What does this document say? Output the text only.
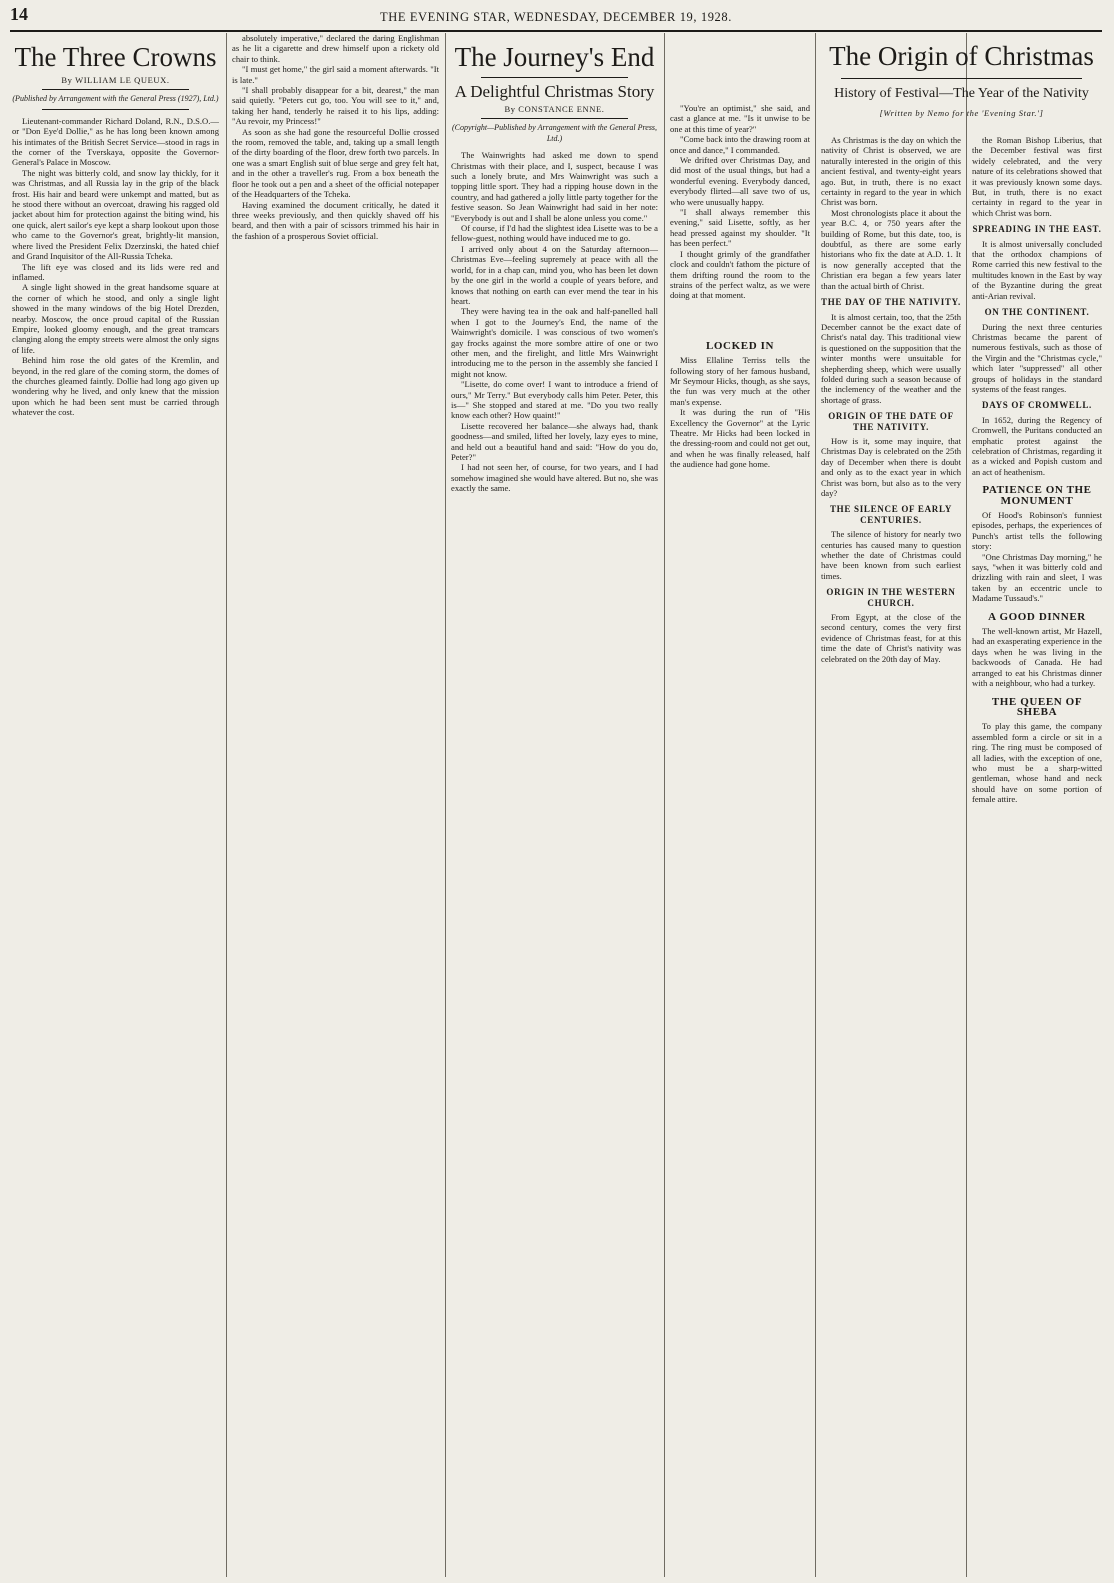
14	THE EVENING STAR, WEDNESDAY, DECEMBER 19, 1928.
The Three Crowns
By WILLIAM LE QUEUX.
(Published by Arrangement with the General Press (1927), Ltd.)

Lieutenant-commander Richard Doland, R.N., D.S.O.—or "Don Eye'd Dollie," as he has long been known among his intimates of the British Secret Service—stood in rags in the corner of the Tverskaya, opposite the Governor-General's Palace in Moscow.

The night was bitterly cold, and snow lay thickly, for it was Christmas, and all Russia lay in the grip of the black frost. His hair and beard were unkempt and matted, but as he stood there without an overcoat, drawing his ragged old jacket about him for protection against the biting wind, his one quick, alert sailor's eye kept a sharp lookout upon those who came to the Governor's great, brightly-lit mansion, where lived the President Felix Dzerzinski, the hated chief and Grand Inquisitor of the All-Russia Tcheka.

The lift eye was closed and its lids were red and inflamed.

A single light showed in the great handsome square at the corner of which he stood, and only a single light showed in the many windows of the big Hotel Drezden, nearby. Moscow, the once proud capital of the Russian Empire, looked gloomy enough, and the great tramcars clanging along the empty streets were almost the only signs of life.

Behind him rose the old gates of the Kremlin, and beyond, in the red glare of the coming storm, the domes of the churches gleamed faintly. Dollie had long ago given up wondering why he lived, and only knew that the mission upon which he had been sent must be carried through whatever the cost.

absolutely imperative," declared the daring Englishman as he lit a cigarette and drew himself upon a rickety old chair to think.

"I must get home," the girl said a moment afterwards. "It is late."

"I shall probably disappear for a bit, dearest," the man said quietly. "Peters cut go, too. You will see to it," and, taking her hand, tenderly he raised it to his lips, adding: "Au revoir, my Princess!"

As soon as she had gone the resourceful Dollie crossed the room, removed the table, and, taking up a small length of the dirty boarding of the floor, drew forth two parcels. In one was a smart English suit of blue serge and grey felt hat, and in the other a traveller's rug. From a box beneath the floor he took out a pen and a sheet of the official notepaper of the Headquarters of the Tcheka.

Having examined the document critically, he dated it three weeks previously, and then quickly shaved off his beard, and then with a pair of scissors trimmed his hair in the fashion of a prosperous Soviet official.

The Journey's End
A Delightful Christmas Story
By CONSTANCE ENNE.
(Copyright—Published by Arrangement with the General Press, Ltd.)

The Wainwrights had asked me down to spend Christmas with their place, and I, suspect, because I was such a lonely brute, and Mrs Wainwright was such a topping little sport. They had a ripping house down in the country, and had gathered a jolly little party together for the festive season. So Jean Wainwright had said in her note: "Everybody is out and I shall be alone unless you come."

Of course, if I'd had the slightest idea Lisette was to be a fellow-guest, nothing would have induced me to go.

I arrived only about 4 on the Saturday afternoon—Christmas Eve—feeling supremely at peace with all the world, for in a chap can, mind you, who has been let down by the one girl in the world a couple of years before, and knows that nothing on earth can ever mend the tear in his heart.

They were having tea in the oak and half-panelled hall when I got to the Journey's End, the name of the Wainwright's domicile. I was conscious of two women's gay frocks against the more sombre attire of one or two other men, and the firelight, and little Mrs Wainwright introducing me to the person in the assembly she fancied I might not know.

"Lisette, do come over! I want to introduce a friend of ours," Mr Terry." But everybody calls him Peter. Peter, this is—" She stopped and stared at me. "Do you two really know each other? How quaint!"

Lisette recovered her balance—she always had, thank goodness—and smiled, lifted her lovely, lazy eyes to mine, and held out a beautiful hand and said: "How do you do, Peter?"

I had not seen her, of course, for two years, and I had somehow imagined she would have altered. But no, she was exactly the same.

"You're an optimist," she said, and cast a glance at me. "Is it unwise to be one at this time of year?"

"Come back into the drawing room at once and dance," I commanded.

We drifted over Christmas Day, and did most of the usual things, but had a wonderful evening. Everybody danced, everybody flirted—all save two of us, who were unusually happy.

"I shall always remember this evening," said Lisette, softly, as her head pressed against my shoulder. "It has been perfect."

I thought grimly of the grandfather clock and couldn't fathom the picture of them drifting round the room to the strains of the perfect waltz, as we were doing at that moment.

LOCKED IN

Miss Ellaline Terriss tells the following story of her famous husband, Mr Seymour Hicks, though, as she says, the fun was very much at the other man's expense.

It was during the run of "His Excellency the Governor" at the Lyric Theatre. Mr Hicks had been locked in the dressing-room and could not get out, and when he was finally released, half the audience had gone home.

As Christmas is the day on which the nativity of Christ is observed, we are naturally interested in the origin of this ancient festival, and twenty-eight years ago. But, in truth, there is no exact certainty in regard to the year in which Christ was born.

Most chronologists place it about the year B.C. 4, or 750 years after the building of Rome, but this date, too, is doubtful, as there are some early historians who fix the date at A.D. 1. It is now generally accepted that the Christian era began a few years later than the actual birth of Christ.

THE DAY OF THE NATIVITY.

It is almost certain, too, that the 25th December cannot be the exact date of Christ's natal day. This traditional view is questioned on the supposition that the winter months were unsuitable for shepherding sheep, which were usually folded during such a season because of the inclemency of the weather and the shortage of grass.

ORIGIN OF THE DATE OF THE NATIVITY.

How is it, some may inquire, that Christmas Day is celebrated on the 25th day of December when there is doubt and only as to the exact year in which Christ was born, but also as to the very day?

THE SILENCE OF EARLY CENTURIES.

The silence of history for nearly two centuries has caused many to question whether the date of Christmas could have been known from such earliest times.

ORIGIN IN THE WESTERN CHURCH.

From Egypt, at the close of the second century, comes the very first evidence of Christmas feast, for at this time the date of Christ's nativity was celebrated on the 20th day of May.

the Roman Bishop Liberius, that the December festival was first widely celebrated, and the very nature of its celebrations showed that it was previously known some days. But, in truth, there is no exact certainty in regard to the year in which Christ was born.

SPREADING IN THE EAST.

It is almost universally concluded that the orthodox champions of Rome carried this new festival to the multitudes known in the East by way of the Byzantine during the great anti-Arian revival.

ON THE CONTINENT.

During the next three centuries Christmas became the parent of numerous festivals, such as those of the Virgin and the "Christmas cycle," which later "suppressed" all other groups of holidays in the standard systems of the feast ranges.

DAYS OF CROMWELL.

In 1652, during the Regency of Cromwell, the Puritans conducted an emphatic protest against the celebration of Christmas, regarding it as a wicked and Popish custom and an act of heathenism.

PATIENCE ON THE MONUMENT

Of Hood's Robinson's funniest episodes, perhaps, the experiences of Punch's artist tells the following story:

"One Christmas Day morning," he says, "when it was bitterly cold and drizzling with rain and sleet, I was taken by an eccentric uncle to Madame Tussaud's."

A GOOD DINNER

The well-known artist, Mr Hazell, had an exasperating experience in the days when he was living in the backwoods of Canada. He had arranged to eat his Christmas dinner with a neighbour, who had a turkey.

THE QUEEN OF SHEBA

To play this game, the company assembled form a circle or sit in a ring. The ring must be composed of all ladies, with the exception of one, who must be a sharp-witted gentleman, whose hand and neck should have on some portion of female attire.

The Origin of Christmas
History of Festival—The Year of the Nativity
[Written by Nemo for the 'Evening Star.']
